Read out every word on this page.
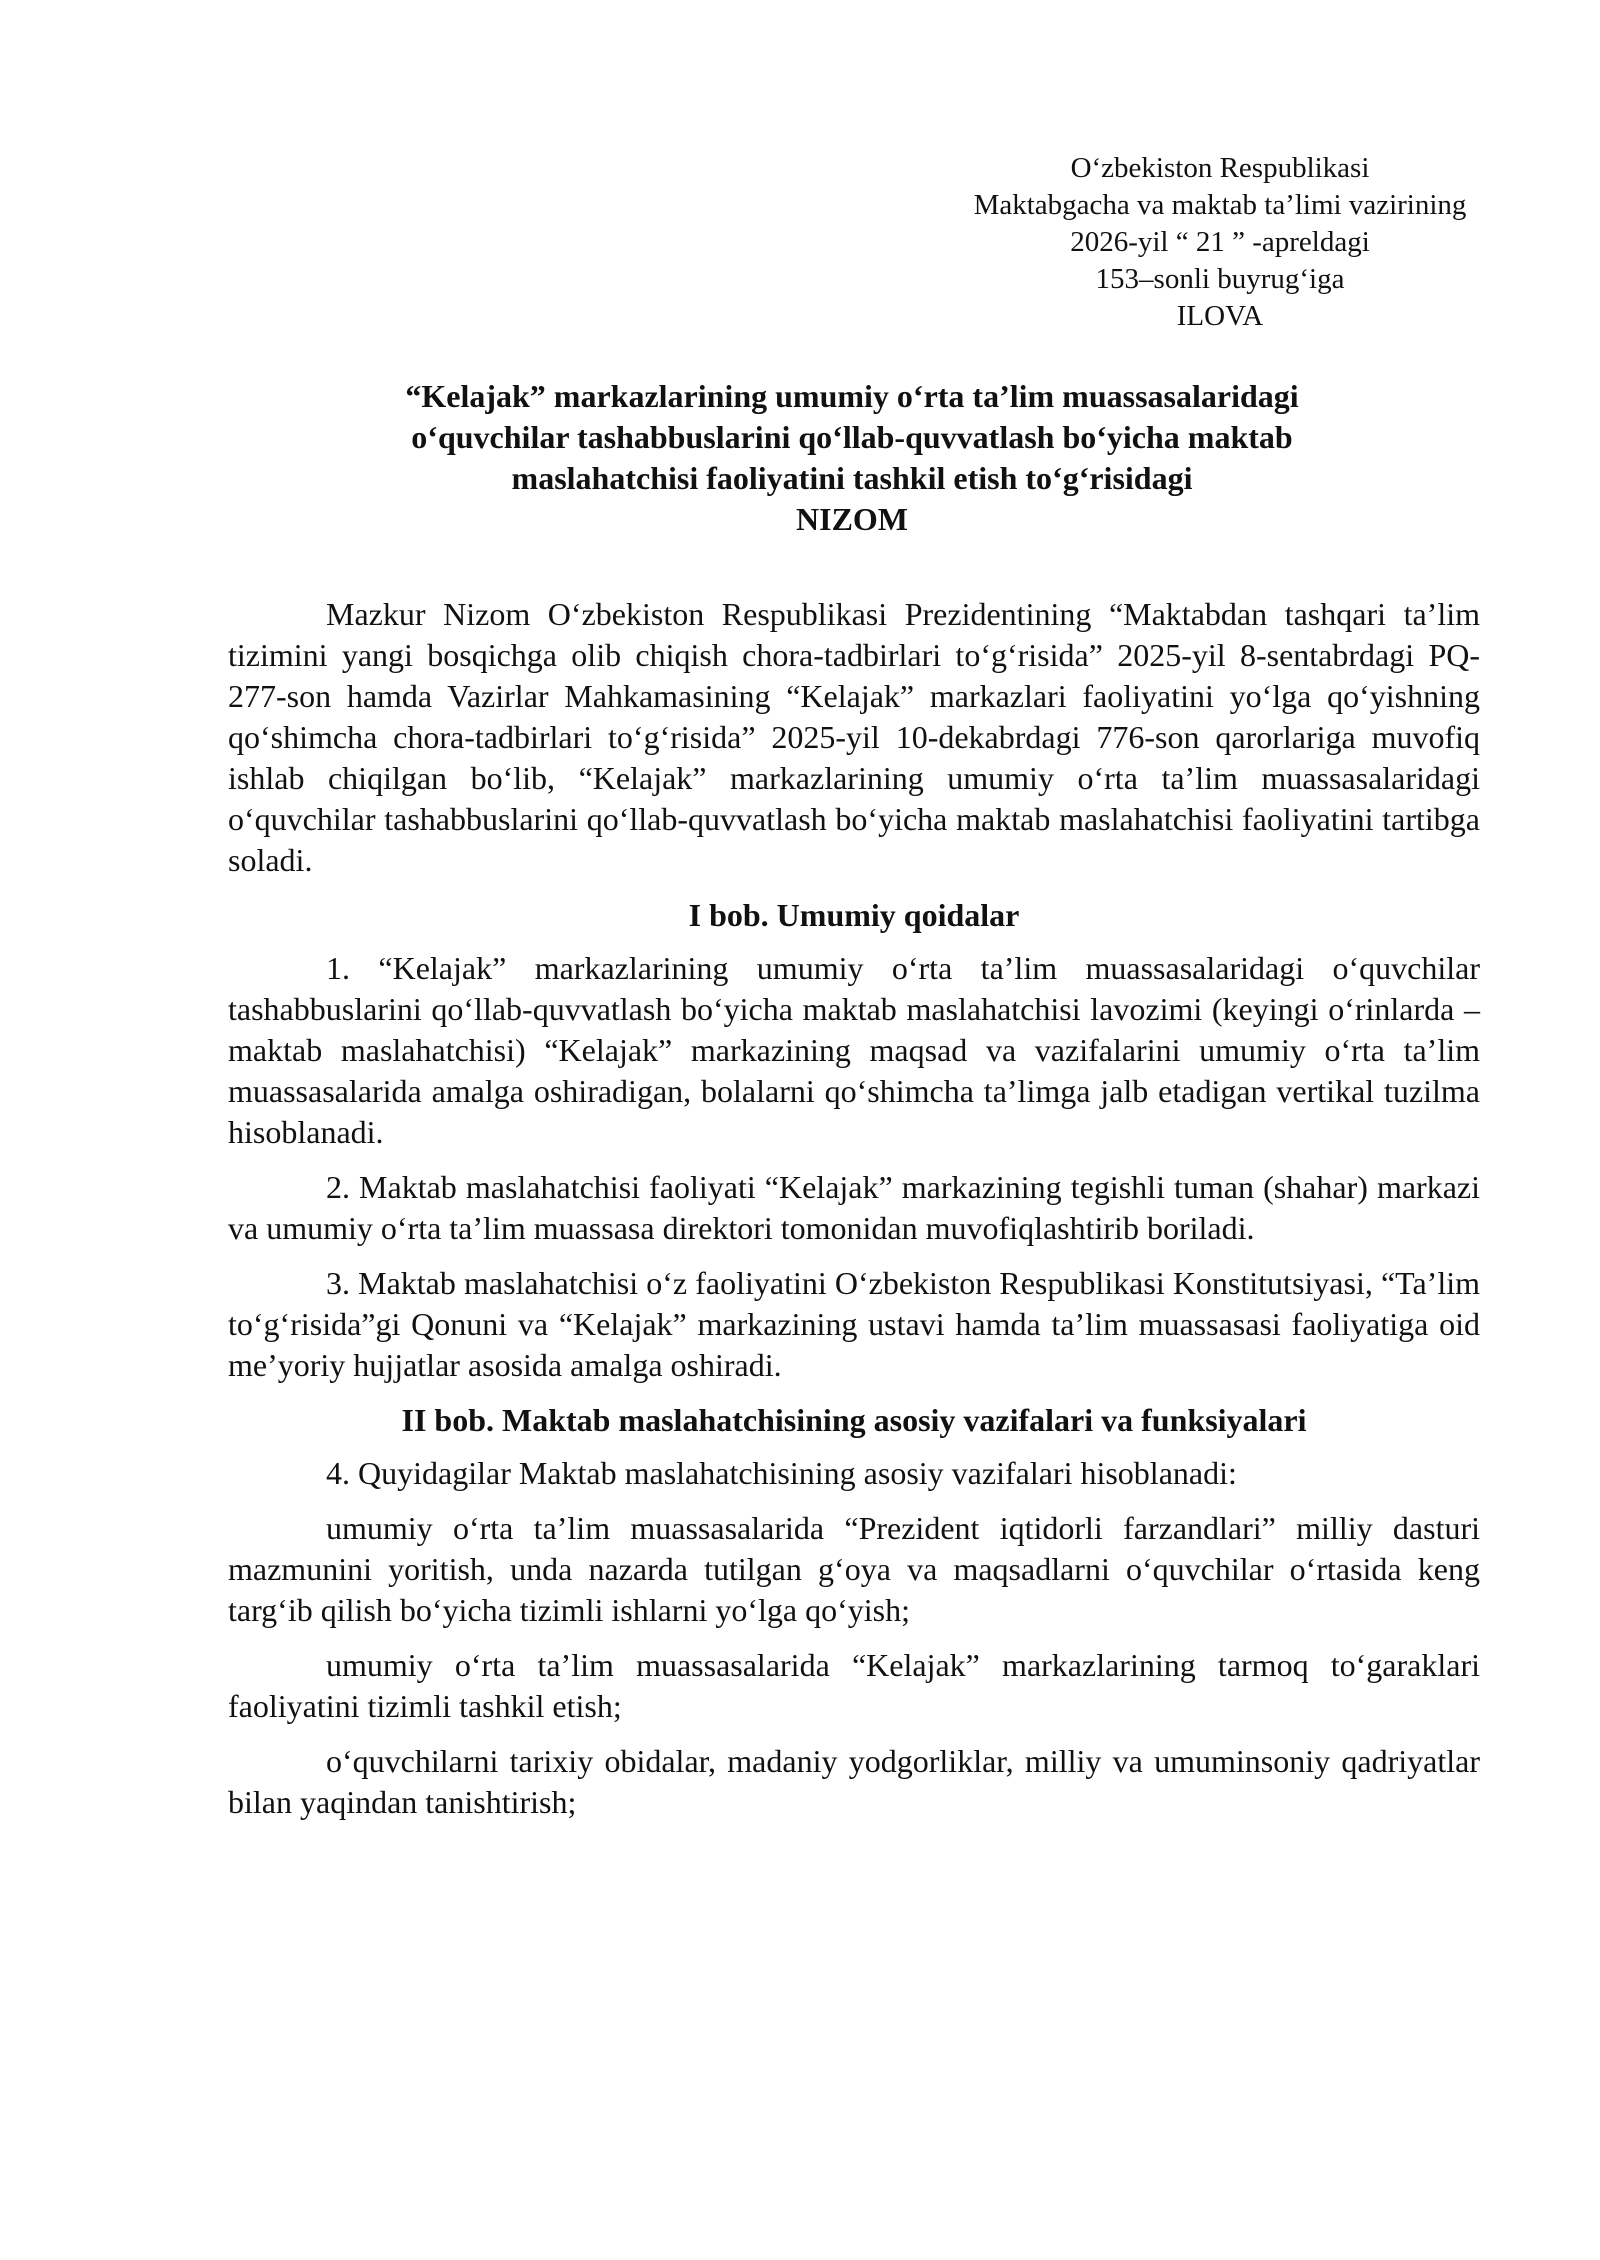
O‘zbekiston Respublikasi
Maktabgacha va maktab ta’limi vazirining
2026-yil “ 21 ” -apreldagi
153–sonli buyrug‘iga
ILOVA
“Kelajak” markazlarining umumiy o‘rta ta’lim muassasalaridagi
o‘quvchilar tashabbuslarini qo‘llab-quvvatlash bo‘yicha maktab
maslahatchisi faoliyatini tashkil etish to‘g‘risidagi
NIZOM

Mazkur Nizom O‘zbekiston Respublikasi Prezidentining “Maktabdan tashqari ta’lim tizimini yangi bosqichga olib chiqish chora-tadbirlari to‘g‘risida” 2025-yil 8-sentabrdagi PQ-277-son hamda Vazirlar Mahkamasining “Kelajak” markazlari faoliyatini yo‘lga qo‘yishning qo‘shimcha chora-tadbirlari to‘g‘risida” 2025-yil 10-dekabrdagi 776-son qarorlariga muvofiq ishlab chiqilgan bo‘lib, “Kelajak” markazlarining umumiy o‘rta ta’lim muassasalaridagi o‘quvchilar tashabbuslarini qo‘llab-quvvatlash bo‘yicha maktab maslahatchisi faoliyatini tartibga soladi.

I bob. Umumiy qoidalar

1. “Kelajak” markazlarining umumiy o‘rta ta’lim muassasalaridagi o‘quvchilar tashabbuslarini qo‘llab-quvvatlash bo‘yicha maktab maslahatchisi lavozimi (keyingi o‘rinlarda – maktab maslahatchisi) “Kelajak” markazining maqsad va vazifalarini umumiy o‘rta ta’lim muassasalarida amalga oshiradigan, bolalarni qo‘shimcha ta’limga jalb etadigan vertikal tuzilma hisoblanadi.

2. Maktab maslahatchisi faoliyati “Kelajak” markazining tegishli tuman (shahar) markazi va umumiy o‘rta ta’lim muassasa direktori tomonidan muvofiqlashtirib boriladi.

3. Maktab maslahatchisi o‘z faoliyatini O‘zbekiston Respublikasi Konstitutsiyasi, “Ta’lim to‘g‘risida”gi Qonuni va “Kelajak” markazining ustavi hamda ta’lim muassasasi faoliyatiga oid me’yoriy hujjatlar asosida amalga oshiradi.

II bob. Maktab maslahatchisining asosiy vazifalari va funksiyalari

4. Quyidagilar Maktab maslahatchisining asosiy vazifalari hisoblanadi:

umumiy o‘rta ta’lim muassasalarida “Prezident iqtidorli farzandlari” milliy dasturi mazmunini yoritish, unda nazarda tutilgan g‘oya va maqsadlarni o‘quvchilar o‘rtasida keng targ‘ib qilish bo‘yicha tizimli ishlarni yo‘lga qo‘yish;

umumiy o‘rta ta’lim muassasalarida “Kelajak” markazlarining tarmoq to‘garaklari faoliyatini tizimli tashkil etish;

o‘quvchilarni tarixiy obidalar, madaniy yodgorliklar, milliy va umuminsoniy qadriyatlar bilan yaqindan tanishtirish;
